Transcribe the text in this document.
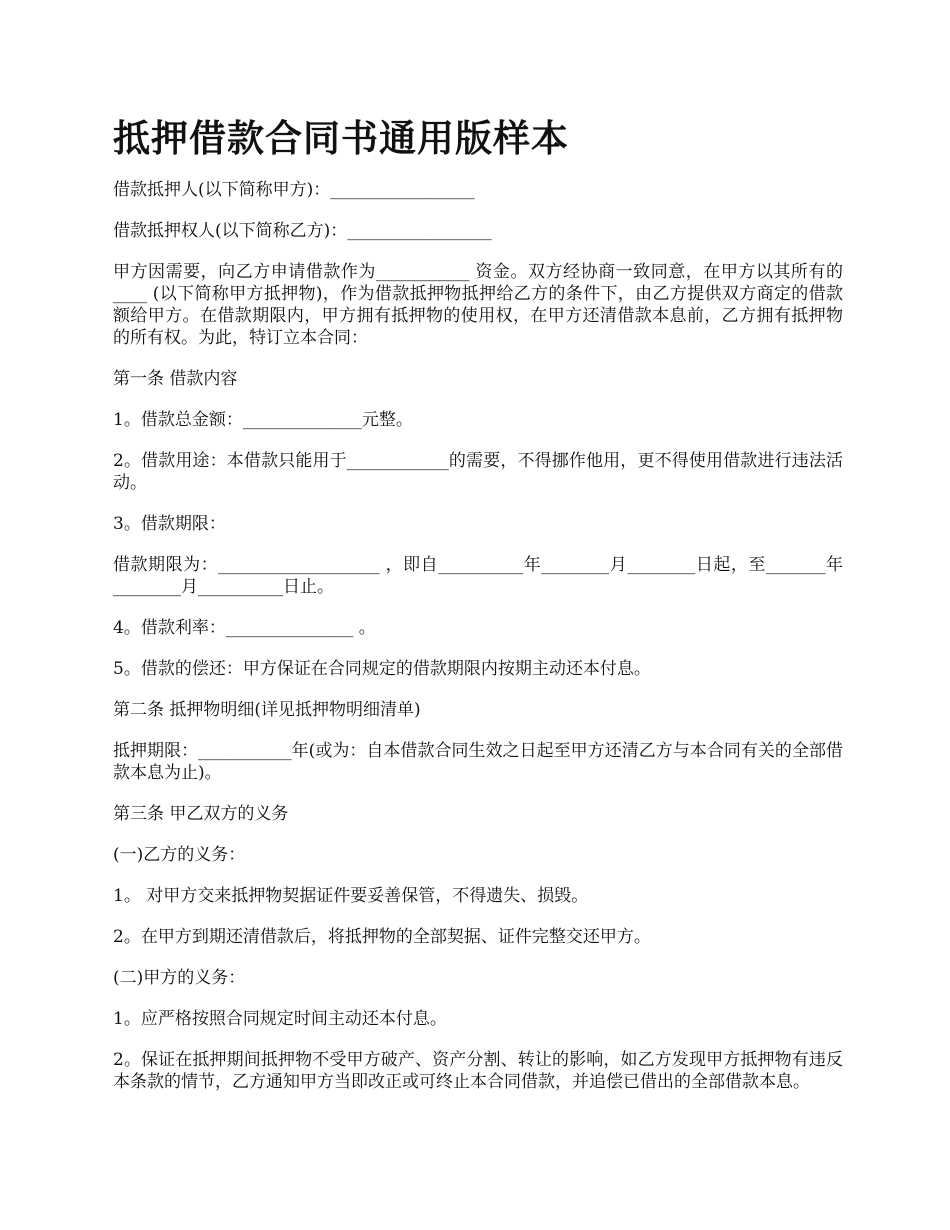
抵押借款合同书通用版样本

借款抵押人(以下简称甲方)：_________________

借款抵押权人(以下简称乙方)：_________________

甲方因需要，向乙方申请借款作为___________ 资金。双方经协商一致同意，在甲方以其所有的____ (以下简称甲方抵押物)，作为借款抵押物抵押给乙方的条件下，由乙方提供双方商定的借款额给甲方。在借款期限内，甲方拥有抵押物的使用权，在甲方还清借款本息前，乙方拥有抵押物的所有权。为此，特订立本合同：

第一条 借款内容

1。借款总金额：______________元整。

2。借款用途：本借款只能用于____________的需要，不得挪作他用，更不得使用借款进行违法活动。

3。借款期限：

借款期限为：___________________ ，即自__________年________月________日起，至_______年________月__________日止。

4。借款利率：_______________ 。

5。借款的偿还：甲方保证在合同规定的借款期限内按期主动还本付息。

第二条 抵押物明细(详见抵押物明细清单)

抵押期限：___________年(或为：自本借款合同生效之日起至甲方还清乙方与本合同有关的全部借款本息为止)。

第三条 甲乙双方的义务

(一)乙方的义务：

1。 对甲方交来抵押物契据证件要妥善保管，不得遗失、损毁。

2。在甲方到期还清借款后，将抵押物的全部契据、证件完整交还甲方。

(二)甲方的义务：

1。应严格按照合同规定时间主动还本付息。

2。保证在抵押期间抵押物不受甲方破产、资产分割、转让的影响，如乙方发现甲方抵押物有违反本条款的情节，乙方通知甲方当即改正或可终止本合同借款，并追偿已借出的全部借款本息。
